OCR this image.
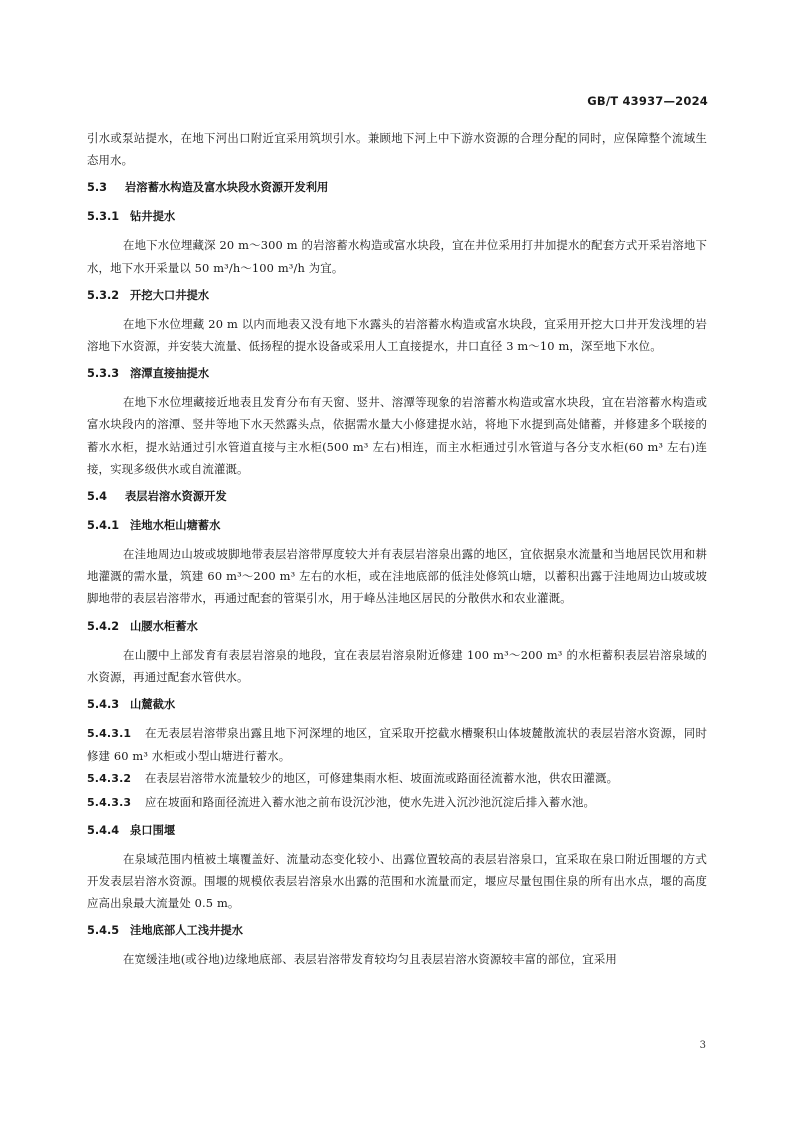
GB/T 43937—2024

引水或泵站提水，在地下河出口附近宜采用筑坝引水。兼顾地下河上中下游水资源的合理分配的同时，应保障整个流域生态用水。

5.3 岩溶蓄水构造及富水块段水资源开发利用

5.3.1 钻井提水

在地下水位埋藏深 20 m～300 m 的岩溶蓄水构造或富水块段，宜在井位采用打井加提水的配套方式开采岩溶地下水，地下水开采量以 50 m³/h～100 m³/h 为宜。

5.3.2 开挖大口井提水

在地下水位埋藏 20 m 以内而地表又没有地下水露头的岩溶蓄水构造或富水块段，宜采用开挖大口井开发浅埋的岩溶地下水资源，并安装大流量、低扬程的提水设备或采用人工直接提水，井口直径 3 m～10 m，深至地下水位。

5.3.3 溶潭直接抽提水

在地下水位埋藏接近地表且发育分布有天窗、竖井、溶潭等现象的岩溶蓄水构造或富水块段，宜在岩溶蓄水构造或富水块段内的溶潭、竖井等地下水天然露头点，依据需水量大小修建提水站，将地下水提到高处储蓄，并修建多个联接的蓄水水柜，提水站通过引水管道直接与主水柜(500 m³ 左右)相连，而主水柜通过引水管道与各分支水柜(60 m³ 左右)连接，实现多级供水或自流灌溉。

5.4 表层岩溶水资源开发

5.4.1 洼地水柜山塘蓄水

在洼地周边山坡或坡脚地带表层岩溶带厚度较大并有表层岩溶泉出露的地区，宜依据泉水流量和当地居民饮用和耕地灌溉的需水量，筑建 60 m³～200 m³ 左右的水柜，或在洼地底部的低洼处修筑山塘，以蓄积出露于洼地周边山坡或坡脚地带的表层岩溶带水，再通过配套的管渠引水，用于峰丛洼地区居民的分散供水和农业灌溉。

5.4.2 山腰水柜蓄水

在山腰中上部发育有表层岩溶泉的地段，宜在表层岩溶泉附近修建 100 m³～200 m³ 的水柜蓄积表层岩溶泉域的水资源，再通过配套水管供水。

5.4.3 山麓截水

5.4.3.1 在无表层岩溶带泉出露且地下河深埋的地区，宜采取开挖截水槽聚积山体坡麓散流状的表层岩溶水资源，同时修建 60 m³ 水柜或小型山塘进行蓄水。

5.4.3.2 在表层岩溶带水流量较少的地区，可修建集雨水柜、坡面流或路面径流蓄水池，供农田灌溉。

5.4.3.3 应在坡面和路面径流进入蓄水池之前布设沉沙池，使水先进入沉沙池沉淀后排入蓄水池。

5.4.4 泉口围堰

在泉域范围内植被土壤覆盖好、流量动态变化较小、出露位置较高的表层岩溶泉口，宜采取在泉口附近围堰的方式开发表层岩溶水资源。围堰的规模依表层岩溶泉水出露的范围和水流量而定，堰应尽量包围住泉的所有出水点，堰的高度应高出泉最大流量处 0.5 m。

5.4.5 洼地底部人工浅井提水

在宽缓洼地(或谷地)边缘地底部、表层岩溶带发育较均匀且表层岩溶水资源较丰富的部位，宜采用

3
